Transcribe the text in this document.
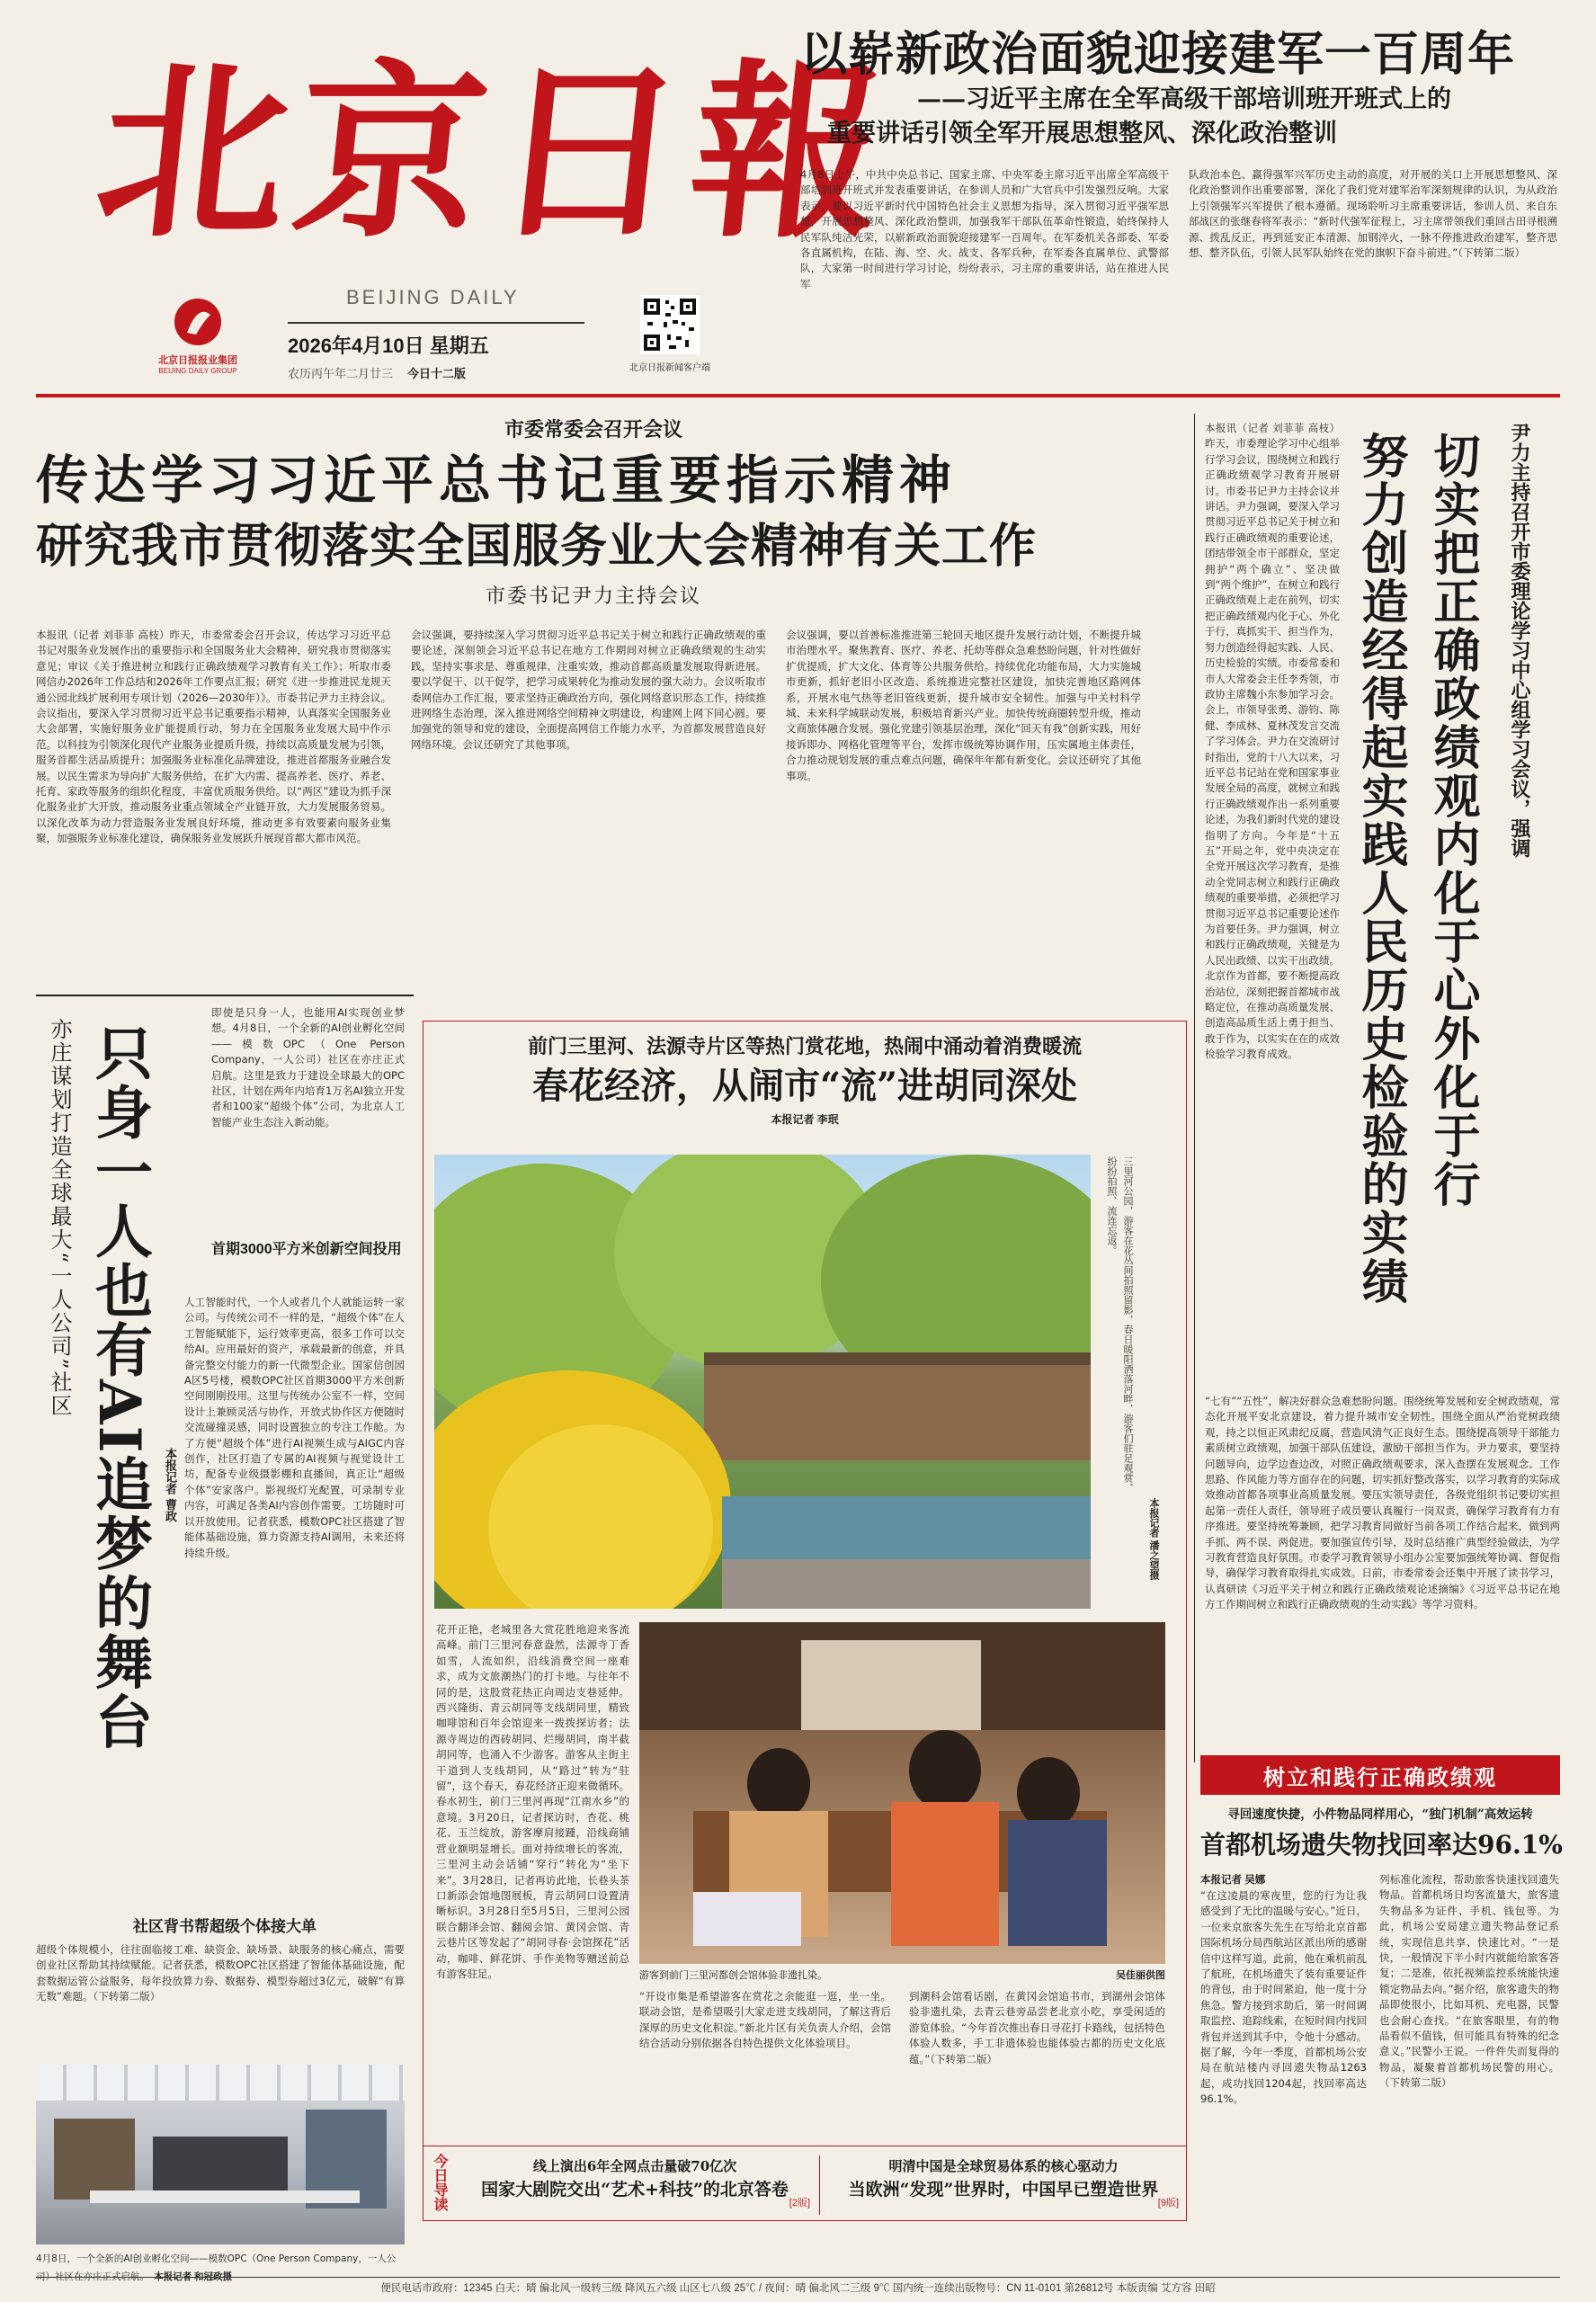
北
京
日
報
BEIJING DAILY
北京日报报业集团
BEIJING DAILY GROUP
2026年4月10日 星期五
农历丙午年二月廿三 今日十二版	北京日报新闻客户端
以崭新政治面貌迎接建军一百周年
——习近平主席在全军高级干部培训班开班式上的
重要讲话引领全军开展思想整风、深化政治整训
4月8日上午，中共中央总书记、国家主席、中央军委主席习近平出席全军高级干部培训班开班式并发表重要讲话，在参训人员和广大官兵中引发强烈反响。大家表示，要以习近平新时代中国特色社会主义思想为指导，深入贯彻习近平强军思想，开展思想整风、深化政治整训，加强我军干部队伍革命性锻造，始终保持人民军队纯洁光荣，以崭新政治面貌迎接建军一百周年。在军委机关各部委、军委各直属机构，在陆、海、空、火、战支、各军兵种，在军委各直属单位、武警部队，大家第一时间进行学习讨论，纷纷表示，习主席的重要讲话，站在推进人民军
队政治本色、赢得强军兴军历史主动的高度，对开展的关口上开展思想整风、深化政治整训作出重要部署，深化了我们党对建军治军深刻规律的认识，为从政治上引领强军兴军提供了根本遵循。现场聆听习主席重要讲话，参训人员、来自东部战区的张继春将军表示：“新时代强军征程上，习主席带领我们重回古田寻根溯源、拨乱反正，再到延安正本清源、加钢淬火，一脉不停推进政治建军，整齐思想、整齐队伍，引领人民军队始终在党的旗帜下奋斗前进。”（下转第二版）
市委常委会召开会议
传达学习习近平总书记重要指示精神
研究我市贯彻落实全国服务业大会精神有关工作
市委书记尹力主持会议
本报讯（记者 刘菲菲 高枝）昨天，市委常委会召开会议，传达学习习近平总书记对服务业发展作出的重要指示和全国服务业大会精神，研究我市贯彻落实意见；审议《关于推进树立和践行正确政绩观学习教育有关工作》；听取市委网信办2026年工作总结和2026年工作要点汇报；研究《进一步推进民龙规天通公园北线扩展利用专项计划（2026—2030年）》。市委书记尹力主持会议。会议指出，要深入学习贯彻习近平总书记重要指示精神，认真落实全国服务业大会部署，实施好服务业扩能提质行动，努力在全国服务业发展大局中作示范。以科技为引领深化现代产业服务业提质升级，持续以高质量发展为引领，服务首都生活品质提升；加强服务业标准化品牌建设，推进首都服务业融合发展。以民生需求为导向扩大服务供给，在扩大内需、提高养老、医疗、养老、托育、家政等服务的组织化程度，丰富优质服务供给。以“两区”建设为抓手深化服务业扩大开放，推动服务业重点领域全产业链开放，大力发展服务贸易。以深化改革为动力营造服务业发展良好环境，推动更多有效要素向服务业集聚，加强服务业标准化建设，确保服务业发展跃升展现首都大都市风范。
会议强调，要持续深入学习贯彻习近平总书记关于树立和践行正确政绩观的重要论述，深刻领会习近平总书记在地方工作期间对树立正确政绩观的生动实践，坚持实事求是、尊重规律、注重实效，推动首都高质量发展取得新进展。要以学促干、以干促学，把学习成果转化为推动发展的强大动力。会议听取市委网信办工作汇报，要求坚持正确政治方向，强化网络意识形态工作，持续推进网络生态治理，深入推进网络空间精神文明建设，构建网上网下同心圆。要加强党的领导和党的建设，全面提高网信工作能力水平，为首都发展营造良好网络环境。会议还研究了其他事项。
会议强调，要以首善标准推进第三轮回天地区提升发展行动计划，不断提升城市治理水平。聚焦教育、医疗、养老、托幼等群众急难愁盼问题，针对性做好扩优提质，扩大文化、体育等公共服务供给。持续优化功能布局，大力实施城市更新，抓好老旧小区改造、系统推进完整社区建设，加快完善地区路网体系，开展水电气热等老旧管线更新，提升城市安全韧性。加强与中关村科学城、未来科学城联动发展，积极培育新兴产业。加快传统商圈转型升级，推动文商旅体融合发展。强化党建引领基层治理，深化“回天有我”创新实践，用好接诉即办、网格化管理等平台，发挥市级统筹协调作用，压实属地主体责任，合力推动规划发展的重点难点问题，确保年年都有新变化。会议还研究了其他事项。
本报讯（记者 刘菲菲 高枝）昨天，市委理论学习中心组举行学习会议，围绕树立和践行正确政绩观学习教育开展研讨。市委书记尹力主持会议并讲话。尹力强调，要深入学习贯彻习近平总书记关于树立和践行正确政绩观的重要论述，团结带领全市干部群众，坚定拥护“两个确立”、坚决做到“两个维护”，在树立和践行正确政绩观上走在前列，切实把正确政绩观内化于心、外化于行，真抓实干、担当作为，努力创造经得起实践、人民、历史检验的实绩。市委常委和市人大常委会主任李秀领，市政协主席魏小东参加学习会。会上，市领导张勇、游钧、陈健、李成林、夏林茂发言交流了学习体会。尹力在交流研讨时指出，党的十八大以来，习近平总书记站在党和国家事业发展全局的高度，就树立和践行正确政绩观作出一系列重要论述，为我们新时代党的建设指明了方向。今年是“十五五”开局之年，党中央决定在全党开展这次学习教育，是推动全党同志树立和践行正确政绩观的重要举措，必须把学习贯彻习近平总书记重要论述作为首要任务。尹力强调，树立和践行正确政绩观，关键是为人民出政绩、以实干出政绩。北京作为首都，要不断提高政治站位，深刻把握首都城市战略定位，在推动高质量发展、创造高品质生活上勇于担当、敢于作为，以实实在在的成效检验学习教育成效。	努力创造经得起实践人民历史检验的实绩 切实把正确政绩观内化于心外化于行	尹力主持召开市委理论学习中心组学习会议，强调
“七有”“五性”，解决好群众急难愁盼问题。围绕统筹发展和安全树政绩观，常态化开展平安北京建设，着力提升城市安全韧性。围绕全面从严治党树政绩观，持之以恒正风肃纪反腐，营造风清气正良好生态。围绕提高领导干部能力素质树立政绩观，加强干部队伍建设，激励干部担当作为。尹力要求，要坚持问题导向，边学边查边改，对照正确政绩观要求，深入查摆在发展观念、工作思路、作风能力等方面存在的问题，切实抓好整改落实，以学习教育的实际成效推动首都各项事业高质量发展。要压实领导责任，各级党组织书记要切实担起第一责任人责任，领导班子成员要认真履行一岗双责，确保学习教育有力有序推进。要坚持统筹兼顾，把学习教育同做好当前各项工作结合起来，做到两手抓、两不误、两促进。要加强宣传引导，及时总结推广典型经验做法，为学习教育营造良好氛围。市委学习教育领导小组办公室要加强统筹协调、督促指导，确保学习教育取得扎实成效。日前，市委常委会还集中开展了读书学习，认真研读《习近平关于树立和践行正确政绩观论述摘编》《习近平总书记在地方工作期间树立和践行正确政绩观的生动实践》等学习资料。
亦庄谋划打造全球最大“一人公司”社区 只身一人也有AI追梦的舞台 本报记者 曹政
即使是只身一人，也能用AI实现创业梦想。4月8日，一个全新的AI创业孵化空间——模数OPC（One Person Company，一人公司）社区在亦庄正式启航。这里是致力于建设全球最大的OPC社区，计划在两年内培育1万名AI独立开发者和100家“超级个体”公司，为北京人工智能产业生态注入新动能。
首期3000平方米创新空间投用
人工智能时代，一个人或者几个人就能运转一家公司。与传统公司不一样的是，“超级个体”在人工智能赋能下，运行效率更高，很多工作可以交给AI。应用最好的资产，承载最新的创意，并具备完整交付能力的新一代微型企业。国家信创园A区5号楼，模数OPC社区首期3000平方米创新空间刚刚投用。这里与传统办公室不一样，空间设计上兼顾灵活与协作，开放式协作区方便随时交流碰撞灵感，同时设置独立的专注工作舱。为了方便“超级个体”进行AI视频生成与AIGC内容创作，社区打造了专属的AI视频与视觉设计工坊，配备专业级摄影棚和直播间，真正让“超级个体”安家落户。影视级灯光配置，可录制专业内容，可满足各类AI内容创作需要。工坊随时可以开放使用。记者获悉，模数OPC社区搭建了智能体基础设施，算力资源支持AI调用，未来还将持续升级。
社区背书帮超级个体接大单
超级个体规模小，往往面临接工难、缺资金、缺场景、缺服务的核心痛点，需要创业社区帮助其持续赋能。记者获悉，模数OPC社区搭建了智能体基础设施，配套数据运管公益服务，每年投放算力券、数据券、模型券超过3亿元，破解“有算无数”难题。（下转第二版）
4月8日，一个全新的AI创业孵化空间——模数OPC（One Person Company，一人公司）社区在亦庄正式启航。 本报记者 和冠政摄
前门三里河、法源寺片区等热门赏花地，热闹中涌动着消费暖流
春花经济，从闹市“流”进胡同深处
本报记者 李珉
三里河公园，游客在花丛间拍照留影，春日暖阳洒落河畔，游客们驻足观赏、纷纷拍照、流连忘返。
本报记者 潘之望摄
花开正艳，老城里各大赏花胜地迎来客流高峰。前门三里河春意盎然，法源寺丁香如雪，人流如织，沿线消费空间一座难求，成为文旅潮热门的打卡地。与往年不同的是，这股赏花热正向周边支巷延伸。西兴隆街、青云胡同等支线胡同里，精致咖啡馆和百年会馆迎来一拨拨探访者；法源寺周边的西砖胡同、烂缦胡同，南半截胡同等，也涌入不少游客。游客从主街主干道到人支线胡同，从“路过”转为“驻留”，这个春天，春花经济正迎来微循环。春水初生，前门三里河再现“江南水乡”的意境。3月20日，记者探访时，杏花、桃花、玉兰绽放，游客摩肩接踵，沿线商铺营业额明显增长。面对持续增长的客流，三里河主动会话铺“穿行”转化为“坐下来”。3月28日，记者再访此地，长巷头茶口新添会馆地图展板，青云胡同口设置清晰标识。3月28日至5月5日，三里河公园联合翻译会馆、翻阅会馆、黄冈会馆、青云巷片区等发起了“胡同寻春·会馆探花”活动，咖啡、鲜花饼、手作美物等赠送前总有游客驻足。	游客到前门三里河都创会馆体验非遗扎染。	吴佳丽供图
“开设市集是希望游客在赏花之余能逛一逛，坐一坐。联动会馆，是希望吸引大家走进支线胡同，了解这背后深厚的历史文化积淀。”新北片区有关负责人介绍，会馆结合活动分别依据各自特色提供文化体验项目。
到潮科会馆看话剧，在黄冈会馆追书市，到湖州会馆体验非遗扎染，去青云巷旁品尝老北京小吃，享受闲适的游览体验。“今年首次推出春日寻花打卡路线，包括特色体验人数多，手工非遗体验也能体验古都的历史文化底蕴。”（下转第二版）
今日导读	线上演出6年全网点击量破70亿次
国家大剧院交出“艺术+科技”的北京答卷
[2版]
明清中国是全球贸易体系的核心驱动力
当欧洲“发现”世界时，中国早已塑造世界
[9版]
树立和践行正确政绩观
寻回速度快捷，小件物品同样用心，“独门机制”高效运转
首都机场遗失物找回率达96.1%
本报记者 吴娜
“在这凌晨的寒夜里，您的行为让我感受到了无比的温暖与安心。”近日，一位来京旅客失先生在写给北京首都国际机场分局西航站区派出所的感谢信中这样写道。此前，他在乘机前乱了航班，在机场遗失了装有重要证件的背包，由于时间紧迫，他一度十分焦急。警方接到求助后，第一时间调取监控、追踪线索，在短时间内找回背包并送到其手中，令他十分感动。据了解，今年一季度，首都机场公安局在航站楼内寻回遗失物品1263起，成功找回1204起，找回率高达96.1%。
列标准化流程，帮助旅客快速找回遗失物品。首都机场日均客流量大，旅客遗失物品多为证件、手机、钱包等。为此，机场公安局建立遗失物品登记系统，实现信息共享、快速比对。“一是快，一般情况下半小时内就能给旅客答复；二是准，依托视频监控系统能快速锁定物品去向。”据介绍，旅客遗失的物品即使很小，比如耳机、充电器，民警也会耐心查找。“在旅客眼里，有的物品看似不值钱，但可能具有特殊的纪念意义。”民警小王说。一件件失而复得的物品，凝聚着首都机场民警的用心。（下转第二版）
便民电话市政府：12345 白天：晴 偏北风一级转三级 降风五六级 山区七八级 25℃ / 夜间：晴 偏北风二三级 9℃ 国内统一连续出版物号：CN 11-0101 第26812号 本版责编 艾方容 田昭
